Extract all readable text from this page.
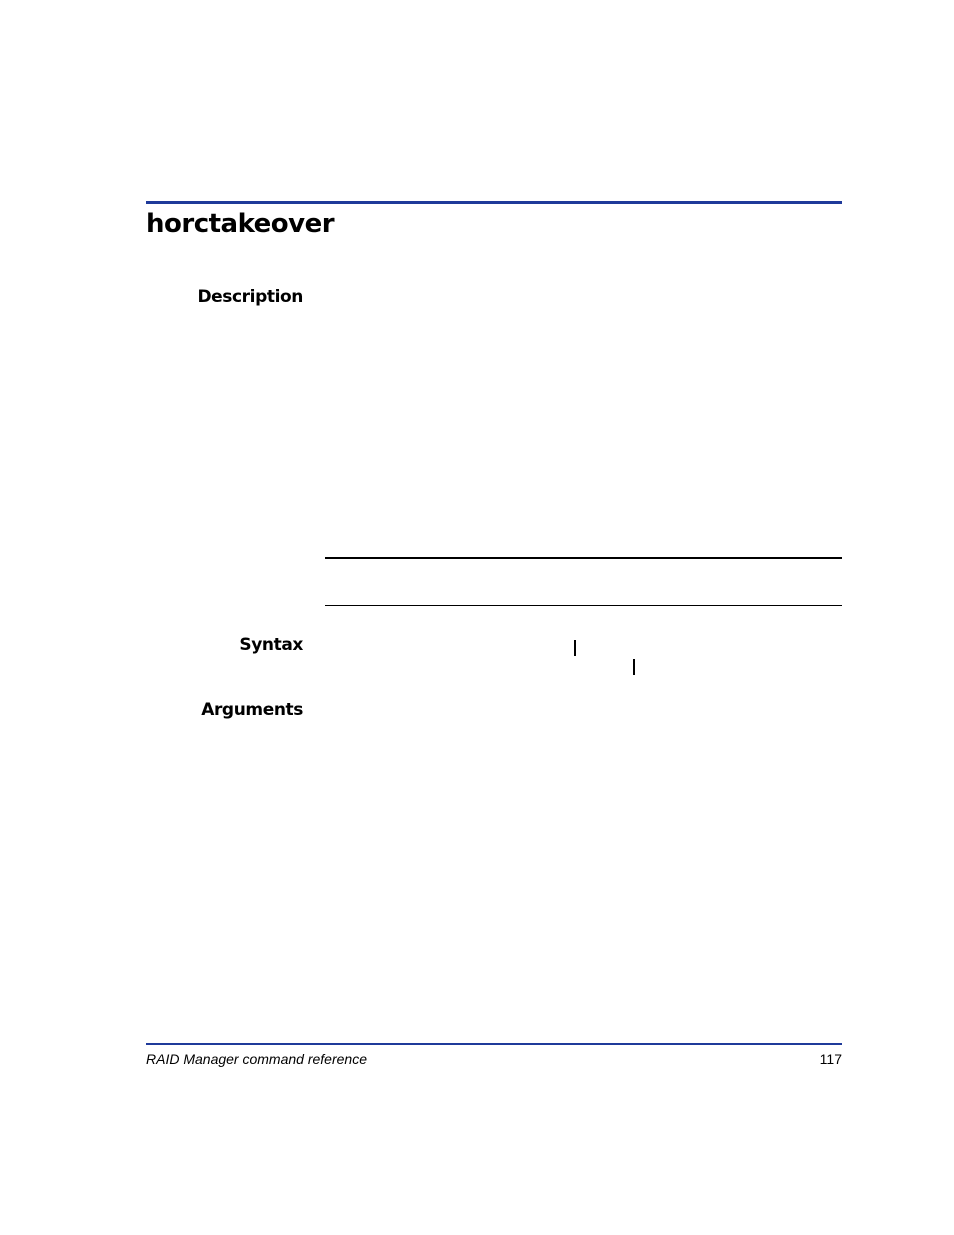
horctakeover
Description
Syntax
Arguments
RAID Manager command reference	117
